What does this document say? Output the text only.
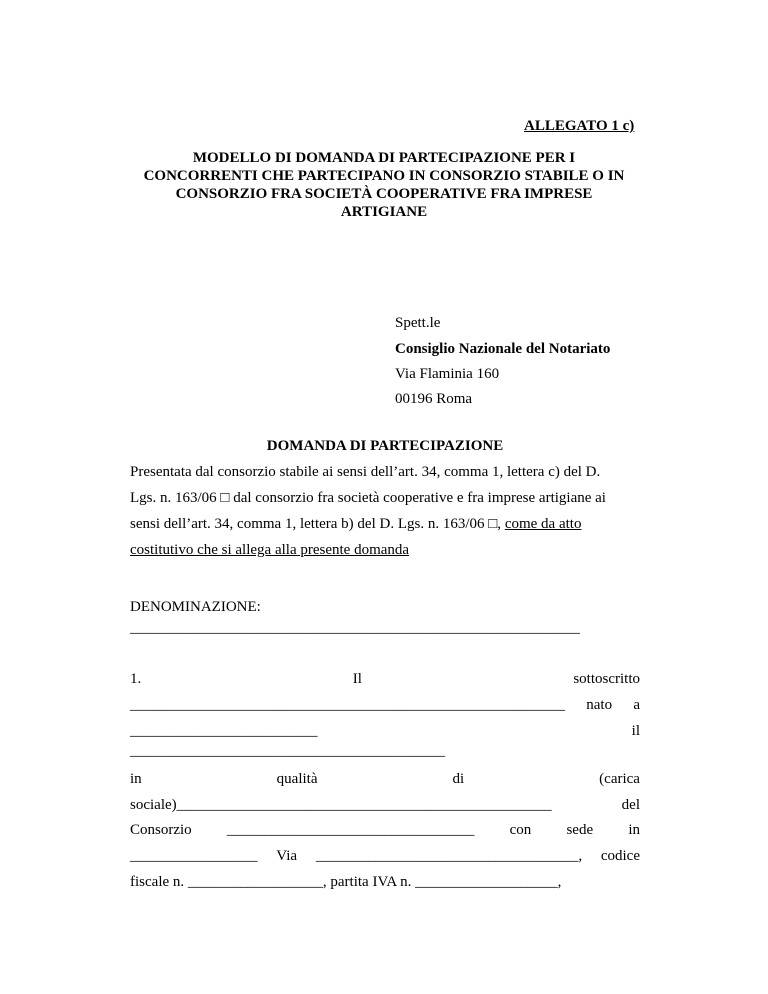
ALLEGATO 1 c)
MODELLO DI DOMANDA DI PARTECIPAZIONE PER I
CONCORRENTI CHE PARTECIPANO IN CONSORZIO STABILE O IN
CONSORZIO FRA SOCIETÀ COOPERATIVE FRA IMPRESE
ARTIGIANE
Spett.le
Consiglio Nazionale del Notariato
Via Flaminia 160
00196 Roma
DOMANDA DI PARTECIPAZIONE
Presentata dal consorzio stabile ai sensi dell’art. 34, comma 1, lettera c) del D.
Lgs. n. 163/06 □ dal consorzio fra società cooperative e fra imprese artigiane ai
sensi dell’art. 34, comma 1, lettera b) del D. Lgs. n. 163/06 □, come da atto
costitutivo che si allega alla presente domanda
DENOMINAZIONE:
____________________________________________________________
1.	Il	sottoscritto
__________________________________________________________ nato a
_________________________	il
__________________________________________
in	qualità	di	(carica
sociale)__________________________________________________	del
Consorzio _________________________________ con sede in
_________________ Via ___________________________________, codice
fiscale n. __________________, partita IVA n. ___________________,
